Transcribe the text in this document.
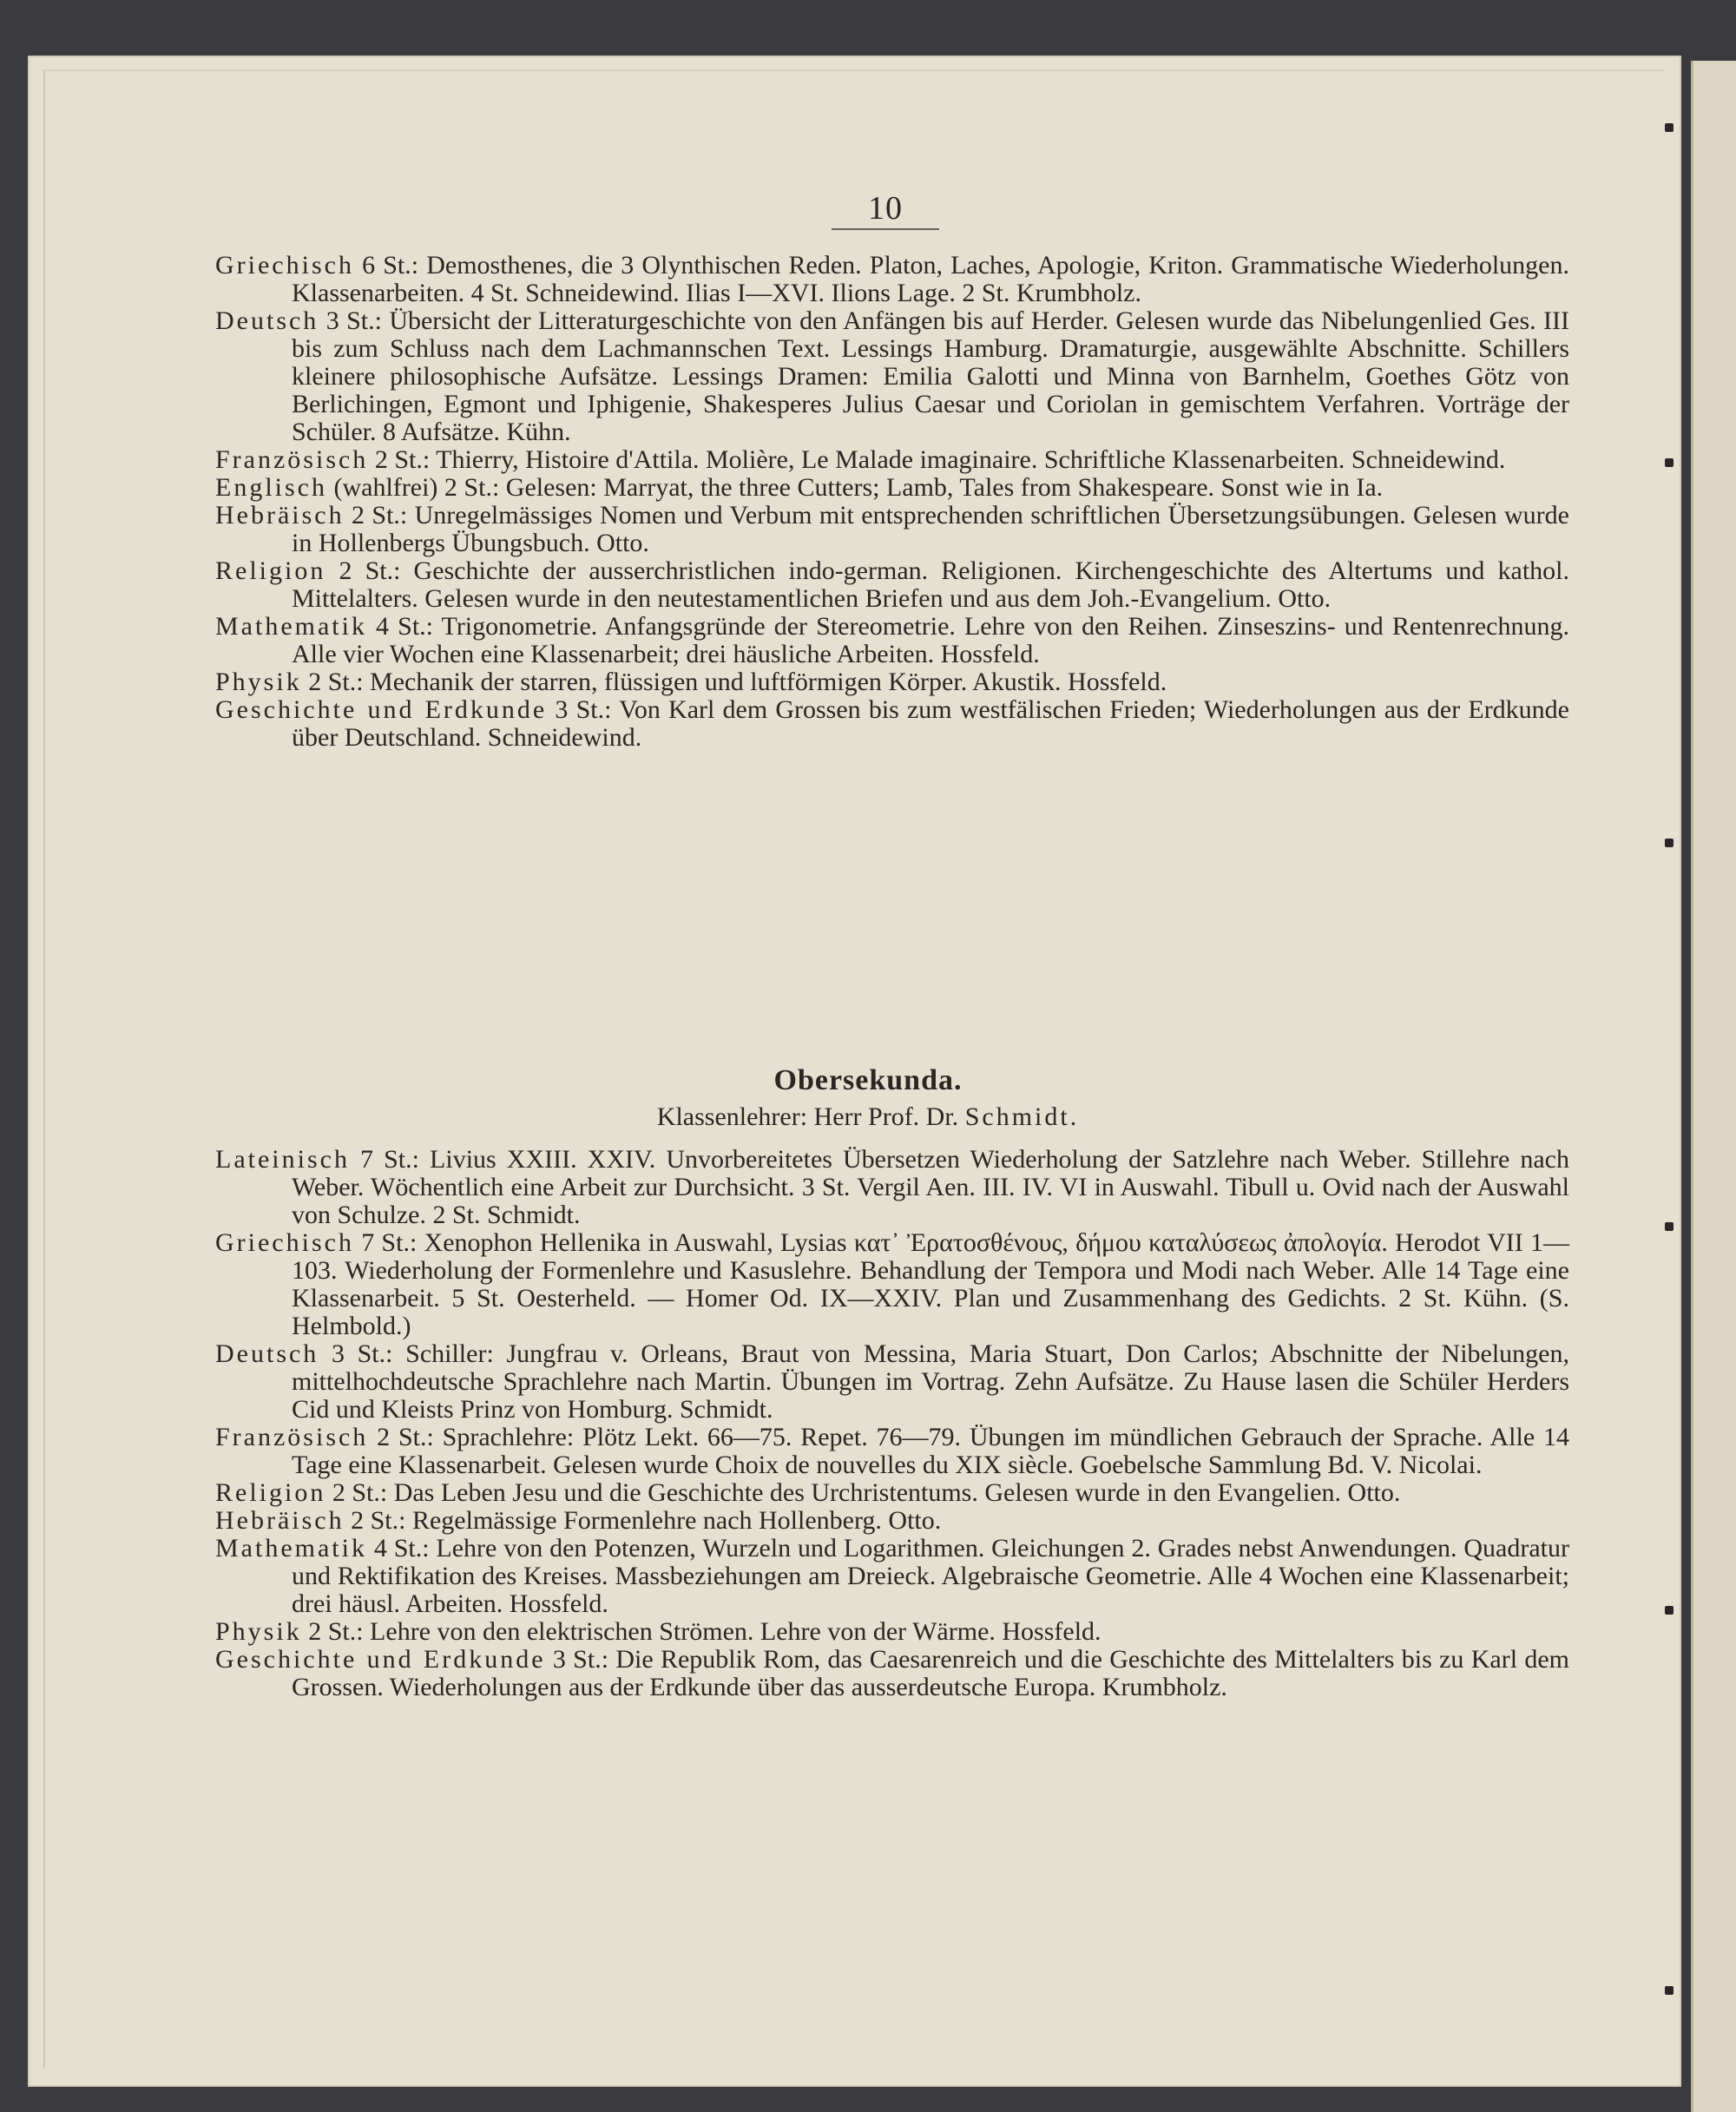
10

Griechisch 6 St.: Demosthenes, die 3 Olynthischen Reden. Platon, Laches, Apologie, Kriton. Grammatische Wiederholungen. Klassenarbeiten. 4 St. Schneidewind. Ilias I—XVI. Ilions Lage. 2 St. Krumbholz.

Deutsch 3 St.: Übersicht der Litteraturgeschichte von den Anfängen bis auf Herder. Gelesen wurde das Nibelungenlied Ges. III bis zum Schluss nach dem Lachmannschen Text. Lessings Hamburg. Dramaturgie, ausgewählte Abschnitte. Schillers kleinere philosophische Aufsätze. Lessings Dramen: Emilia Galotti und Minna von Barnhelm, Goethes Götz von Berlichingen, Egmont und Iphigenie, Shakesperes Julius Caesar und Coriolan in gemischtem Verfahren. Vorträge der Schüler. 8 Aufsätze. Kühn.

Französisch 2 St.: Thierry, Histoire d'Attila. Molière, Le Malade imaginaire. Schriftliche Klassenarbeiten. Schneidewind.

Englisch (wahlfrei) 2 St.: Gelesen: Marryat, the three Cutters; Lamb, Tales from Shakespeare. Sonst wie in Ia.

Hebräisch 2 St.: Unregelmässiges Nomen und Verbum mit entsprechenden schriftlichen Übersetzungsübungen. Gelesen wurde in Hollenbergs Übungsbuch. Otto.

Religion 2 St.: Geschichte der ausserchristlichen indo-german. Religionen. Kirchengeschichte des Altertums und kathol. Mittelalters. Gelesen wurde in den neutestamentlichen Briefen und aus dem Joh.-Evangelium. Otto.

Mathematik 4 St.: Trigonometrie. Anfangsgründe der Stereometrie. Lehre von den Reihen. Zinseszins- und Rentenrechnung. Alle vier Wochen eine Klassenarbeit; drei häusliche Arbeiten. Hossfeld.

Physik 2 St.: Mechanik der starren, flüssigen und luftförmigen Körper. Akustik. Hossfeld.

Geschichte und Erdkunde 3 St.: Von Karl dem Grossen bis zum westfälischen Frieden; Wiederholungen aus der Erdkunde über Deutschland. Schneidewind.

Obersekunda.
Klassenlehrer: Herr Prof. Dr. Schmidt.

Lateinisch 7 St.: Livius XXIII. XXIV. Unvorbereitetes Übersetzen Wiederholung der Satzlehre nach Weber. Stillehre nach Weber. Wöchentlich eine Arbeit zur Durchsicht. 3 St. Vergil Aen. III. IV. VI in Auswahl. Tibull u. Ovid nach der Auswahl von Schulze. 2 St. Schmidt.

Griechisch 7 St.: Xenophon Hellenika in Auswahl, Lysias κατ᾽ Ἐρατοσθένους, δήμου καταλύσεως ἀπολογία. Herodot VII 1—103. Wiederholung der Formenlehre und Kasuslehre. Behandlung der Tempora und Modi nach Weber. Alle 14 Tage eine Klassenarbeit. 5 St. Oesterheld. — Homer Od. IX—XXIV. Plan und Zusammenhang des Gedichts. 2 St. Kühn. (S. Helmbold.)

Deutsch 3 St.: Schiller: Jungfrau v. Orleans, Braut von Messina, Maria Stuart, Don Carlos; Abschnitte der Nibelungen, mittelhochdeutsche Sprachlehre nach Martin. Übungen im Vortrag. Zehn Aufsätze. Zu Hause lasen die Schüler Herders Cid und Kleists Prinz von Homburg. Schmidt.

Französisch 2 St.: Sprachlehre: Plötz Lekt. 66—75. Repet. 76—79. Übungen im mündlichen Gebrauch der Sprache. Alle 14 Tage eine Klassenarbeit. Gelesen wurde Choix de nouvelles du XIX siècle. Goebelsche Sammlung Bd. V. Nicolai.

Religion 2 St.: Das Leben Jesu und die Geschichte des Urchristentums. Gelesen wurde in den Evangelien. Otto.

Hebräisch 2 St.: Regelmässige Formenlehre nach Hollenberg. Otto.

Mathematik 4 St.: Lehre von den Potenzen, Wurzeln und Logarithmen. Gleichungen 2. Grades nebst Anwendungen. Quadratur und Rektifikation des Kreises. Massbeziehungen am Dreieck. Algebraische Geometrie. Alle 4 Wochen eine Klassenarbeit; drei häusl. Arbeiten. Hossfeld.

Physik 2 St.: Lehre von den elektrischen Strömen. Lehre von der Wärme. Hossfeld.

Geschichte und Erdkunde 3 St.: Die Republik Rom, das Caesarenreich und die Geschichte des Mittelalters bis zu Karl dem Grossen. Wiederholungen aus der Erdkunde über das ausserdeutsche Europa. Krumbholz.
